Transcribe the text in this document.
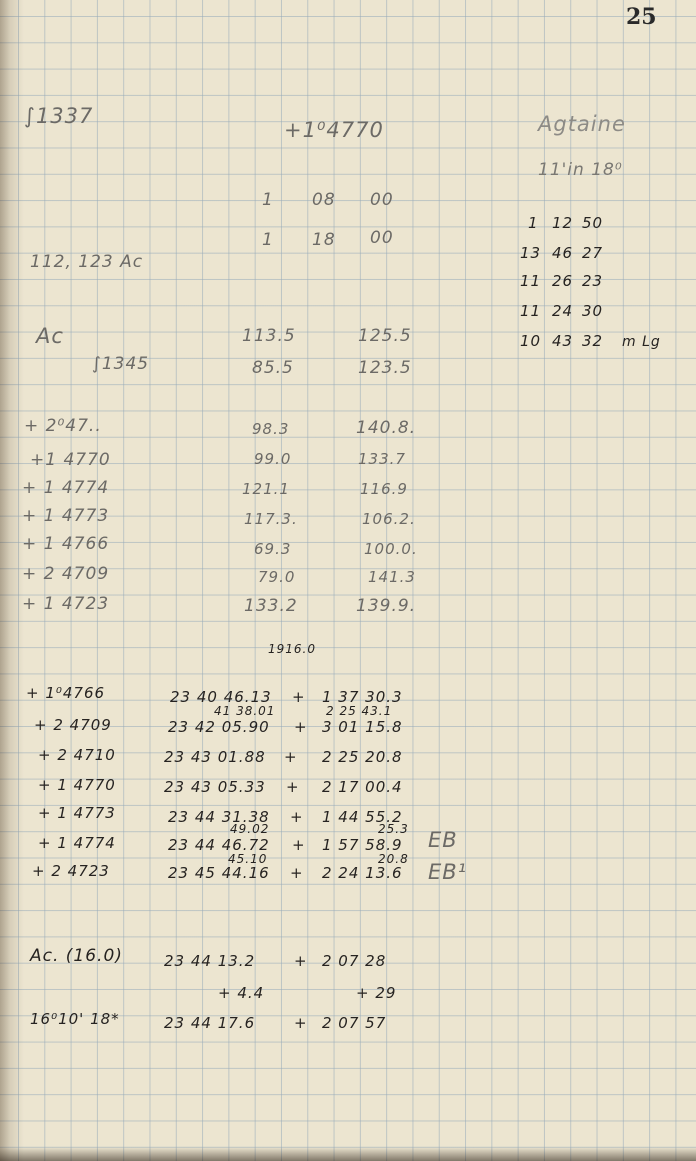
25
∫1337
+1⁰4770
1 08 00
1 18 00
112, 123 Ac
Agtaine
11'in 18⁰
1 12 50
13 46 27
11 26 23
11 24 30
10 43 32 m Lg
Ac
∫1345
113.5	125.5
85.5	123.5
+ 2⁰47..	98.3	140.8.
+1 4770	99.0	133.7
+ 1 4774	121.1	116.9
+ 1 4773	117.3.	106.2.
+ 1 4766	69.3	100.0.
+ 2 4709	79.0	141.3
+ 1 4723	133.2	139.9.
1916.0
+ 1⁰4766	23 40 46.13 + 1 37 30.3
41 38.01	2 25 43.1
+ 2 4709	23 42 05.90 + 3 01 15.8
+ 2 4710	23 43 01.88 + 2 25 20.8
+ 1 4770	23 43 05.33 + 2 17 00.4
+ 1 4773	23 44 31.38 + 1 44 55.2
49.02	25.3
+ 1 4774	23 44 46.72 + 1 57 58.9
45.10	20.8
+ 2 4723	23 45 44.16 + 2 24 13.6
EB
EB¹
Ac. (16.0)	23 44 13.2	+ 2 07 28
+ 4.4	+ 29
16⁰10' 18*	23 44 17.6	+ 2 07 57
